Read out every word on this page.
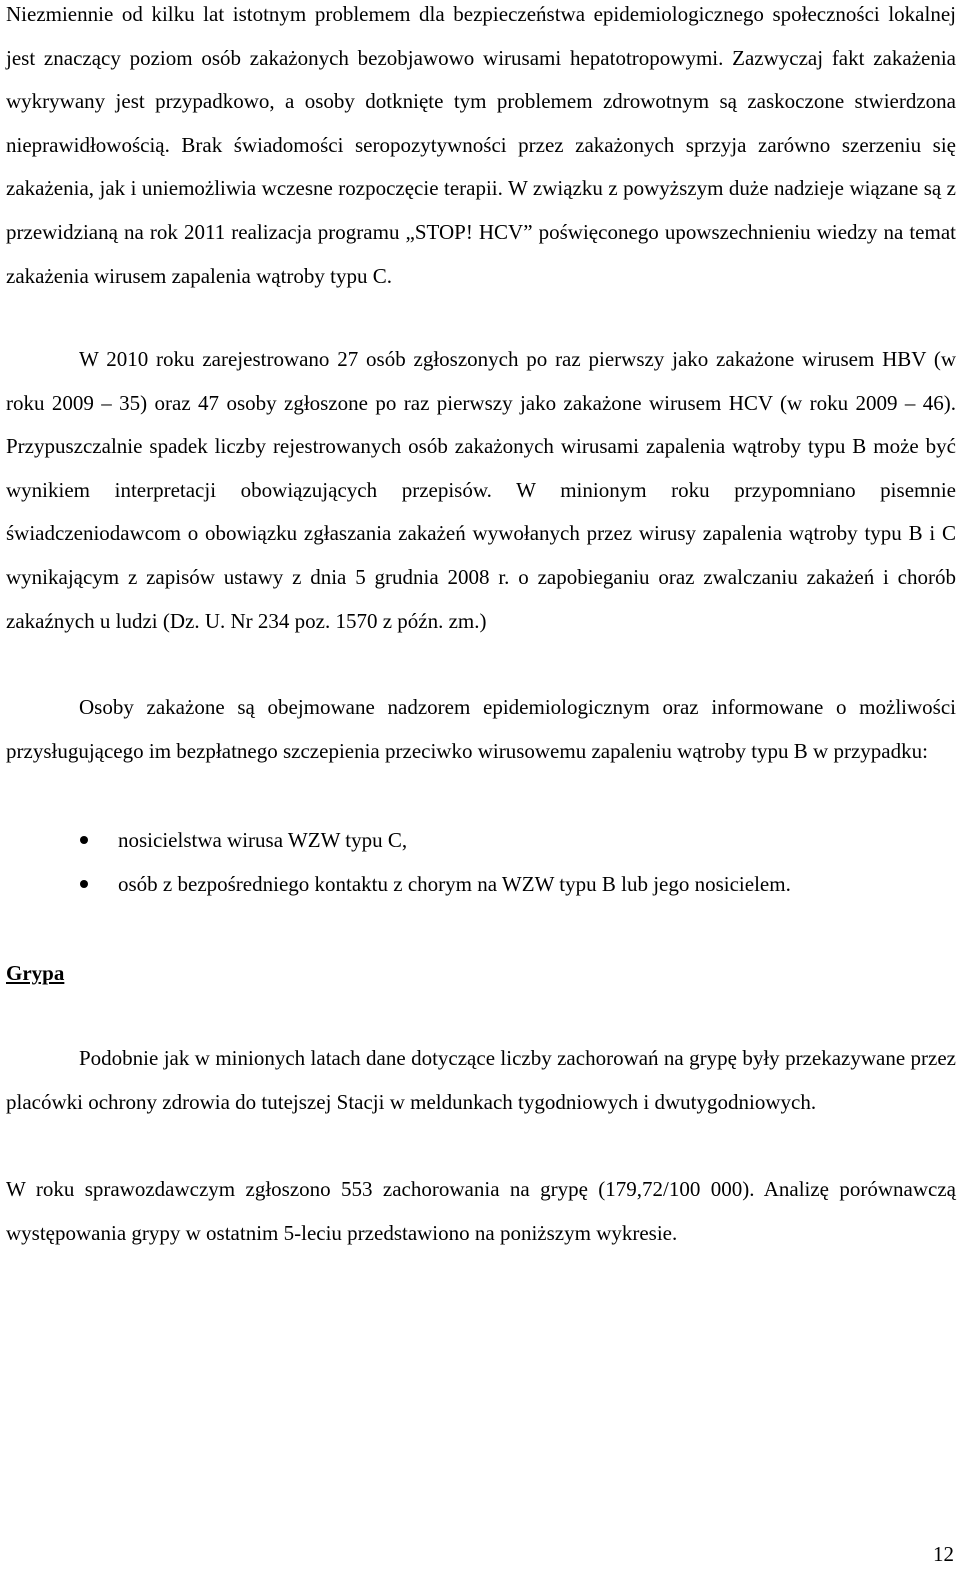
Niezmiennie od kilku lat istotnym problemem dla bezpieczeństwa epidemiologicznego społeczności lokalnej jest znaczący poziom osób zakażonych bezobjawowo wirusami hepatotropowymi. Zazwyczaj fakt zakażenia wykrywany jest przypadkowo, a osoby dotknięte tym problemem zdrowotnym są zaskoczone stwierdzona nieprawidłowością. Brak świadomości seropozytywności przez zakażonych sprzyja zarówno szerzeniu się zakażenia, jak i uniemożliwia wczesne rozpoczęcie terapii. W związku z powyższym duże nadzieje wiązane są z przewidzianą na rok 2011 realizacja programu „STOP! HCV” poświęconego upowszechnieniu wiedzy na temat zakażenia wirusem zapalenia wątroby typu C.

W 2010 roku zarejestrowano 27 osób zgłoszonych po raz pierwszy jako zakażone wirusem HBV (w roku 2009 – 35) oraz 47 osoby zgłoszone po raz pierwszy jako zakażone wirusem HCV (w roku 2009 – 46). Przypuszczalnie spadek liczby rejestrowanych osób zakażonych wirusami zapalenia wątroby typu B może być wynikiem interpretacji obowiązujących przepisów. W minionym roku przypomniano pisemnie świadczeniodawcom o obowiązku zgłaszania zakażeń wywołanych przez wirusy zapalenia wątroby typu B i C wynikającym z zapisów ustawy z dnia 5 grudnia 2008 r. o zapobieganiu oraz zwalczaniu zakażeń i chorób zakaźnych u ludzi (Dz. U. Nr 234 poz. 1570 z późn. zm.)

Osoby zakażone są obejmowane nadzorem epidemiologicznym oraz informowane o możliwości przysługującego im bezpłatnego szczepienia przeciwko wirusowemu zapaleniu wątroby typu B w przypadku:

nosicielstwa wirusa WZW typu C,
osób z bezpośredniego kontaktu z chorym na WZW typu B lub jego nosicielem.
Grypa

Podobnie jak w minionych latach dane dotyczące liczby zachorowań na grypę były przekazywane przez placówki ochrony zdrowia do tutejszej Stacji w meldunkach tygodniowych i dwutygodniowych.

W roku sprawozdawczym zgłoszono 553 zachorowania na grypę (179,72/100 000). Analizę porównawczą występowania grypy w ostatnim 5-leciu przedstawiono na poniższym wykresie.

12
